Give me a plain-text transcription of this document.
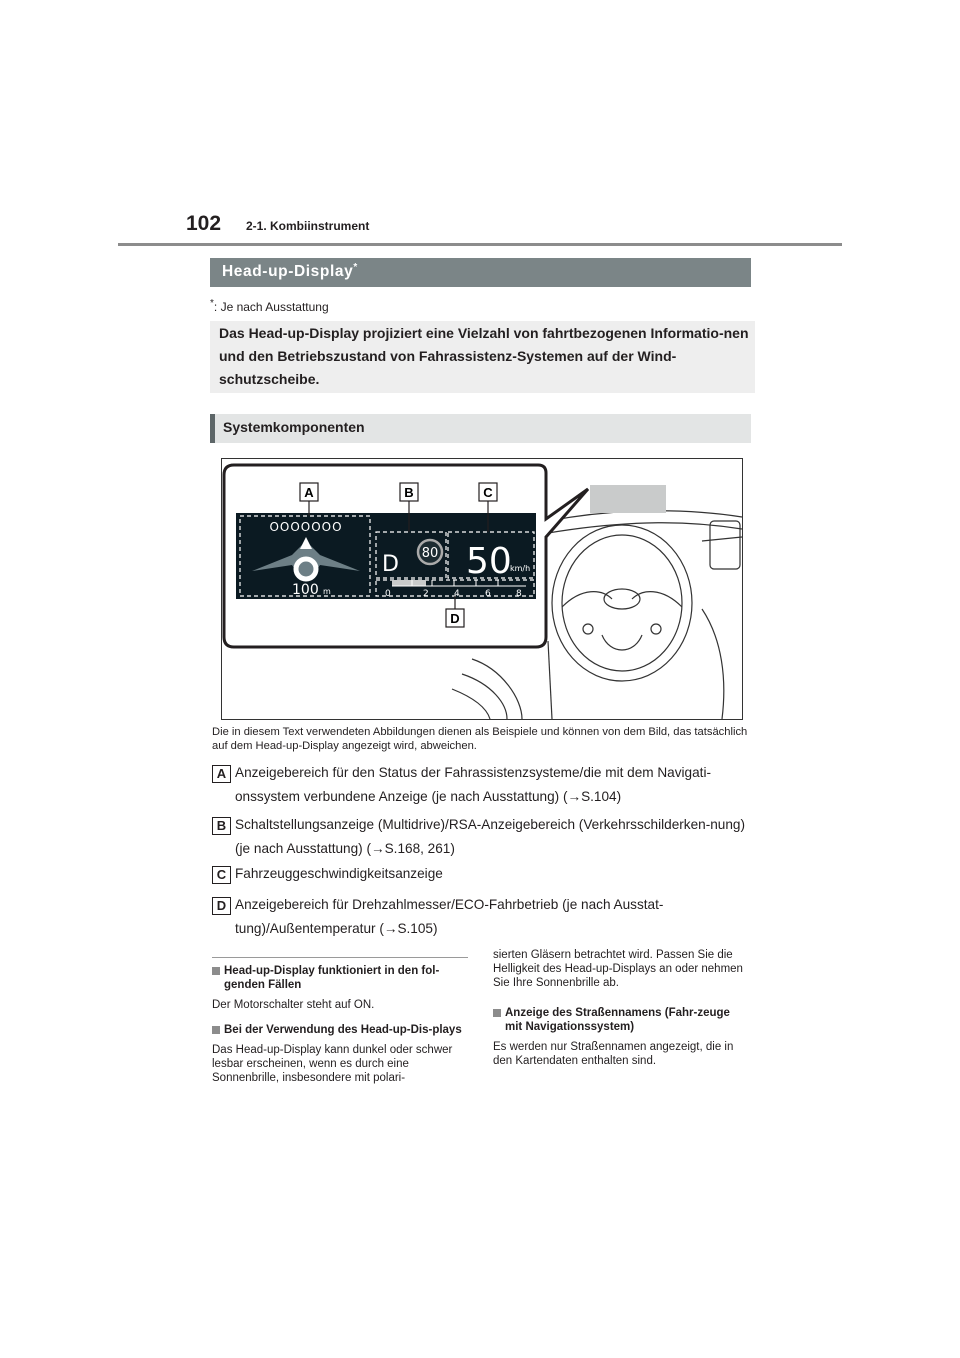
102 2-1. Kombiinstrument
Head-up-Display*
*: Je nach Ausstattung
Das Head-up-Display projiziert eine Vielzahl von fahrtbezogenen Informatio-nen und den Betriebszustand von Fahrassistenz-Systemen auf der Wind-schutzscheibe.
Systemkomponenten
OOOOOOO
100 m
D 80 50
km/h
0	2	4	6	8
A	B	C
D
Die in diesem Text verwendeten Abbildungen dienen als Beispiele und können von dem Bild, das tatsächlich auf dem Head-up-Display angezeigt wird, abweichen.
A Anzeigebereich für den Status der Fahrassistenzsysteme/die mit dem Navigati-onssystem verbundene Anzeige (je nach Ausstattung) (→S.104)
B Schaltstellungsanzeige (Multidrive)/RSA-Anzeigebereich (Verkehrsschilderken-nung) (je nach Ausstattung) (→S.168, 261)
C Fahrzeuggeschwindigkeitsanzeige
D Anzeigebereich für Drehzahlmesser/ECO-Fahrbetrieb (je nach Ausstat-tung)/Außentemperatur (→S.105)
Head-up-Display funktioniert in den fol-genden Fällen
Der Motorschalter steht auf ON.
Bei der Verwendung des Head-up-Dis-plays
Das Head-up-Display kann dunkel oder schwer lesbar erscheinen, wenn es durch eine Sonnenbrille, insbesondere mit polari-
sierten Gläsern betrachtet wird. Passen Sie die Helligkeit des Head-up-Displays an oder nehmen Sie Ihre Sonnenbrille ab.
Anzeige des Straßennamens (Fahr-zeuge mit Navigationssystem)
Es werden nur Straßennamen angezeigt, die in den Kartendaten enthalten sind.
